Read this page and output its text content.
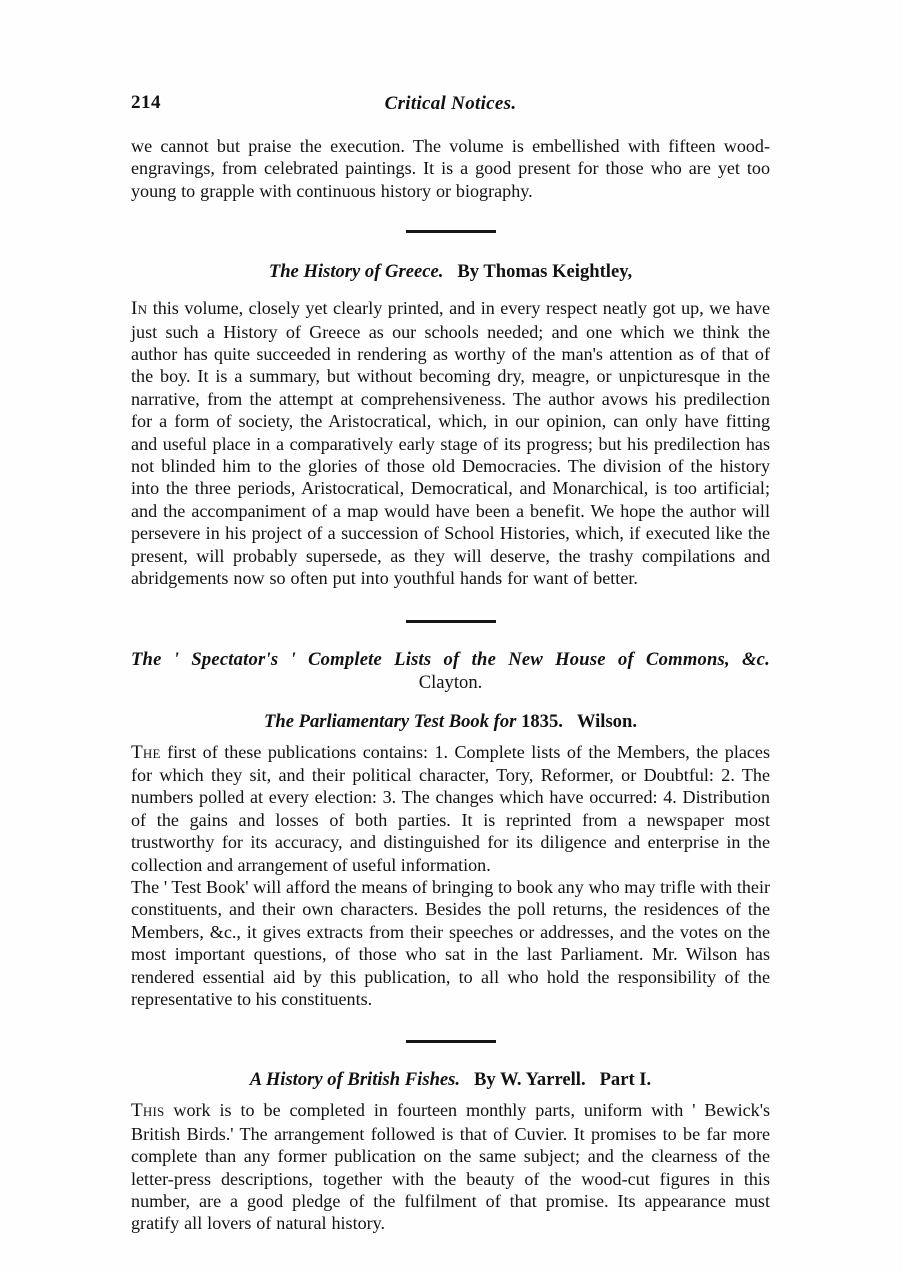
214	Critical Notices.

we cannot but praise the execution. The volume is embellished with fifteen wood-engravings, from celebrated paintings. It is a good present for those who are yet too young to grapple with continuous history or biography.

The History of Greece. By Thomas Keightley,

In this volume, closely yet clearly printed, and in every respect neatly got up, we have just such a History of Greece as our schools needed; and one which we think the author has quite succeeded in rendering as worthy of the man's attention as of that of the boy. It is a summary, but without becoming dry, meagre, or unpicturesque in the narrative, from the attempt at comprehensiveness. The author avows his predilection for a form of society, the Aristocratical, which, in our opinion, can only have fitting and useful place in a comparatively early stage of its progress; but his predilection has not blinded him to the glories of those old Democracies. The division of the history into the three periods, Aristocratical, Democratical, and Monarchical, is too artificial; and the accompaniment of a map would have been a benefit. We hope the author will persevere in his project of a succession of School Histories, which, if executed like the present, will probably supersede, as they will deserve, the trashy compilations and abridgements now so often put into youthful hands for want of better.

The ' Spectator's ' Complete Lists of the New House of Commons, &c.

Clayton.

The Parliamentary Test Book for 1835. Wilson.

The first of these publications contains: 1. Complete lists of the Members, the places for which they sit, and their political character, Tory, Reformer, or Doubtful: 2. The numbers polled at every election: 3. The changes which have occurred: 4. Distribution of the gains and losses of both parties. It is reprinted from a newspaper most trustworthy for its accuracy, and distinguished for its diligence and enterprise in the collection and arrangement of useful information.

The ' Test Book' will afford the means of bringing to book any who may trifle with their constituents, and their own characters. Besides the poll returns, the residences of the Members, &c., it gives extracts from their speeches or addresses, and the votes on the most important questions, of those who sat in the last Parliament. Mr. Wilson has rendered essential aid by this publication, to all who hold the responsibility of the representative to his constituents.

A History of British Fishes. By W. Yarrell. Part I.

This work is to be completed in fourteen monthly parts, uniform with ' Bewick's British Birds.' The arrangement followed is that of Cuvier. It promises to be far more complete than any former publication on the same subject; and the clearness of the letter-press descriptions, together with the beauty of the wood-cut figures in this number, are a good pledge of the fulfilment of that promise. Its appearance must gratify all lovers of natural history.
